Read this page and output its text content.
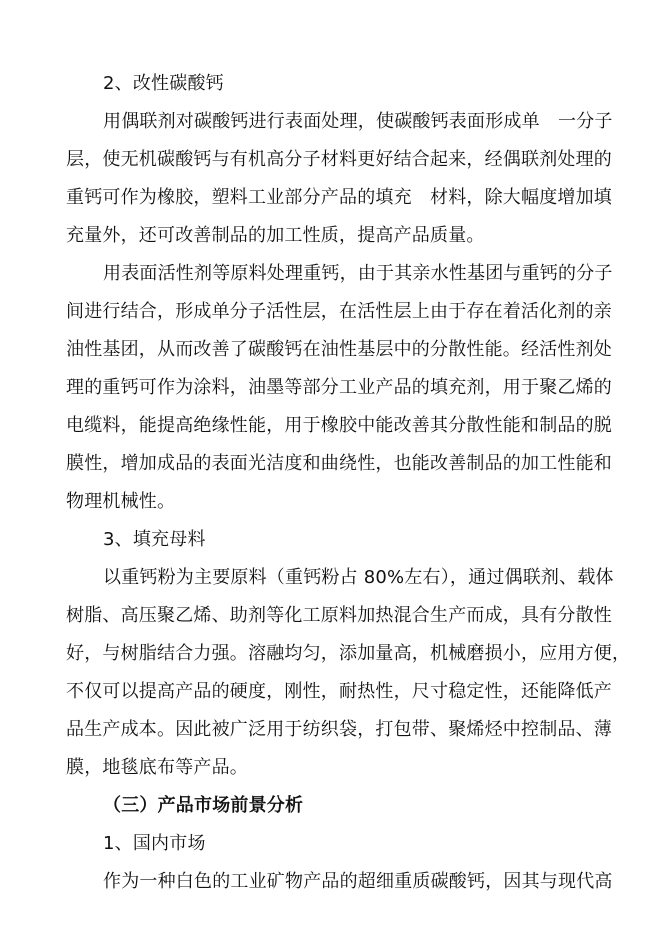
2、改性碳酸钙
用偶联剂对碳酸钙进行表面处理，使碳酸钙表面形成单　一分子
层，使无机碳酸钙与有机高分子材料更好结合起来，经偶联剂处理的
重钙可作为橡胶，塑料工业部分产品的填充　材料，除大幅度增加填
充量外，还可改善制品的加工性质，提高产品质量。
用表面活性剂等原料处理重钙，由于其亲水性基团与重钙的分子
间进行结合，形成单分子活性层，在活性层上由于存在着活化剂的亲
油性基团，从而改善了碳酸钙在油性基层中的分散性能。经活性剂处
理的重钙可作为涂料，油墨等部分工业产品的填充剂，用于聚乙烯的
电缆料，能提高绝缘性能，用于橡胶中能改善其分散性能和制品的脱
膜性，增加成品的表面光洁度和曲绕性，也能改善制品的加工性能和
物理机械性。
3、填充母料
以重钙粉为主要原料（重钙粉占 80%左右），通过偶联剂、载体
树脂、高压聚乙烯、助剂等化工原料加热混合生产而成，具有分散性
好，与树脂结合力强。溶融均匀，添加量高，机械磨损小，应用方便，
不仅可以提高产品的硬度，刚性，耐热性，尺寸稳定性，还能降低产
品生产成本。因此被广泛用于纺织袋，打包带、聚烯烃中控制品、薄
膜，地毯底布等产品。
（三）产品市场前景分析
1、国内市场
作为一种白色的工业矿物产品的超细重质碳酸钙，因其与现代高
